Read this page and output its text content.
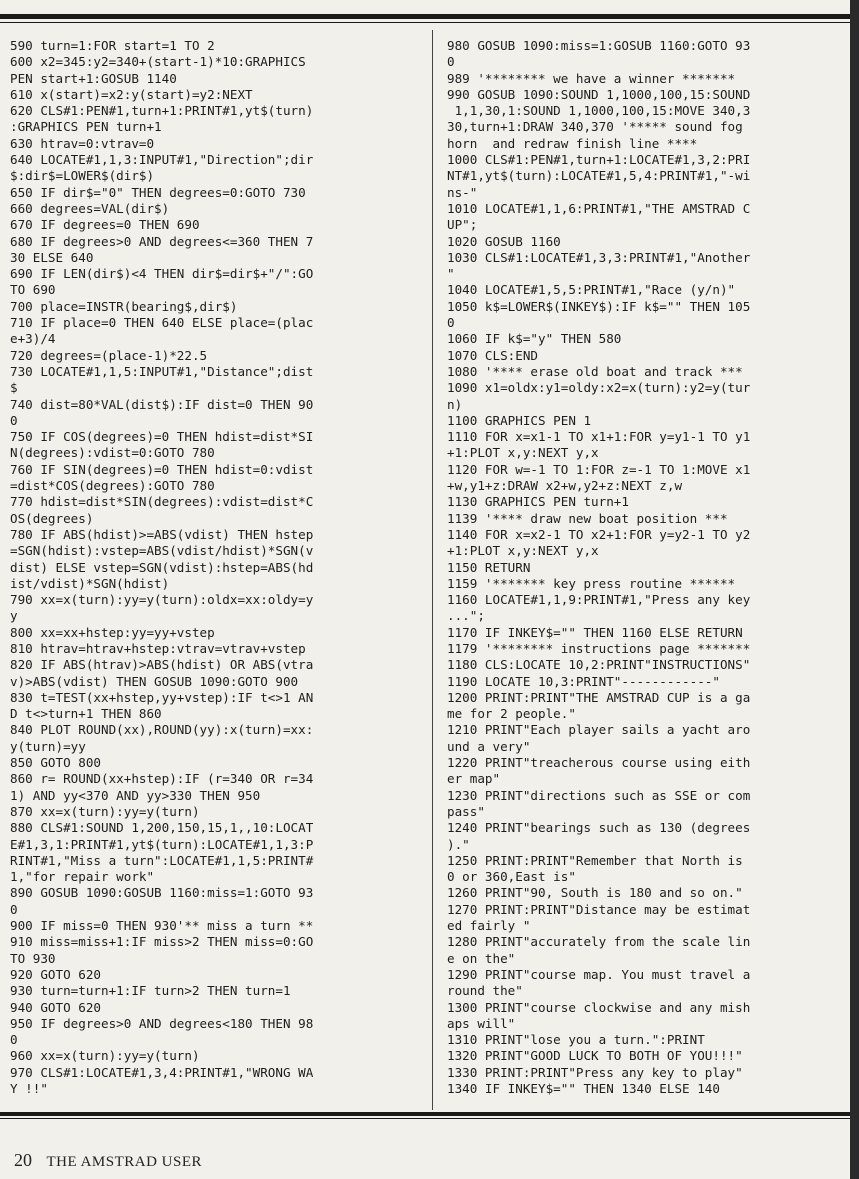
590 turn=1:FOR start=1 TO 2
600 x2=345:y2=340+(start-1)*10:GRAPHICS
PEN start+1:GOSUB 1140
610 x(start)=x2:y(start)=y2:NEXT
620 CLS#1:PEN#1,turn+1:PRINT#1,yt$(turn)
:GRAPHICS PEN turn+1
630 htrav=0:vtrav=0
640 LOCATE#1,1,3:INPUT#1,"Direction";dir
$:dir$=LOWER$(dir$)
650 IF dir$="0" THEN degrees=0:GOTO 730
660 degrees=VAL(dir$)
670 IF degrees=0 THEN 690
680 IF degrees>0 AND degrees<=360 THEN 7
30 ELSE 640
690 IF LEN(dir$)<4 THEN dir$=dir$+"/":GO
TO 690
700 place=INSTR(bearing$,dir$)
710 IF place=0 THEN 640 ELSE place=(plac
e+3)/4
720 degrees=(place-1)*22.5
730 LOCATE#1,1,5:INPUT#1,"Distance";dist
$
740 dist=80*VAL(dist$):IF dist=0 THEN 90
0
750 IF COS(degrees)=0 THEN hdist=dist*SI
N(degrees):vdist=0:GOTO 780
760 IF SIN(degrees)=0 THEN hdist=0:vdist
=dist*COS(degrees):GOTO 780
770 hdist=dist*SIN(degrees):vdist=dist*C
OS(degrees)
780 IF ABS(hdist)>=ABS(vdist) THEN hstep
=SGN(hdist):vstep=ABS(vdist/hdist)*SGN(v
dist) ELSE vstep=SGN(vdist):hstep=ABS(hd
ist/vdist)*SGN(hdist)
790 xx=x(turn):yy=y(turn):oldx=xx:oldy=y
y
800 xx=xx+hstep:yy=yy+vstep
810 htrav=htrav+hstep:vtrav=vtrav+vstep
820 IF ABS(htrav)>ABS(hdist) OR ABS(vtra
v)>ABS(vdist) THEN GOSUB 1090:GOTO 900
830 t=TEST(xx+hstep,yy+vstep):IF t<>1 AN
D t<>turn+1 THEN 860
840 PLOT ROUND(xx),ROUND(yy):x(turn)=xx:
y(turn)=yy
850 GOTO 800
860 r= ROUND(xx+hstep):IF (r=340 OR r=34
1) AND yy<370 AND yy>330 THEN 950
870 xx=x(turn):yy=y(turn)
880 CLS#1:SOUND 1,200,150,15,1,,10:LOCAT
E#1,3,1:PRINT#1,yt$(turn):LOCATE#1,1,3:P
RINT#1,"Miss a turn":LOCATE#1,1,5:PRINT#
1,"for repair work"
890 GOSUB 1090:GOSUB 1160:miss=1:GOTO 93
0
900 IF miss=0 THEN 930'** miss a turn **
910 miss=miss+1:IF miss>2 THEN miss=0:GO
TO 930
920 GOTO 620
930 turn=turn+1:IF turn>2 THEN turn=1
940 GOTO 620
950 IF degrees>0 AND degrees<180 THEN 98
0
960 xx=x(turn):yy=y(turn)
970 CLS#1:LOCATE#1,3,4:PRINT#1,"WRONG WA
Y !!"
980 GOSUB 1090:miss=1:GOSUB 1160:GOTO 93
0
989 '******** we have a winner *******
990 GOSUB 1090:SOUND 1,1000,100,15:SOUND
1,1,30,1:SOUND 1,1000,100,15:MOVE 340,3
30,turn+1:DRAW 340,370 '***** sound fog
horn  and redraw finish line ****
1000 CLS#1:PEN#1,turn+1:LOCATE#1,3,2:PRI
NT#1,yt$(turn):LOCATE#1,5,4:PRINT#1,"-wi
ns-"
1010 LOCATE#1,1,6:PRINT#1,"THE AMSTRAD C
UP";
1020 GOSUB 1160
1030 CLS#1:LOCATE#1,3,3:PRINT#1,"Another
"
1040 LOCATE#1,5,5:PRINT#1,"Race (y/n)"
1050 k$=LOWER$(INKEY$):IF k$="" THEN 105
0
1060 IF k$="y" THEN 580
1070 CLS:END
1080 '**** erase old boat and track ***
1090 x1=oldx:y1=oldy:x2=x(turn):y2=y(tur
n)
1100 GRAPHICS PEN 1
1110 FOR x=x1-1 TO x1+1:FOR y=y1-1 TO y1
+1:PLOT x,y:NEXT y,x
1120 FOR w=-1 TO 1:FOR z=-1 TO 1:MOVE x1
+w,y1+z:DRAW x2+w,y2+z:NEXT z,w
1130 GRAPHICS PEN turn+1
1139 '**** draw new boat position ***
1140 FOR x=x2-1 TO x2+1:FOR y=y2-1 TO y2
+1:PLOT x,y:NEXT y,x
1150 RETURN
1159 '******* key press routine ******
1160 LOCATE#1,1,9:PRINT#1,"Press any key
...";
1170 IF INKEY$="" THEN 1160 ELSE RETURN
1179 '******** instructions page *******
1180 CLS:LOCATE 10,2:PRINT"INSTRUCTIONS"
1190 LOCATE 10,3:PRINT"------------"
1200 PRINT:PRINT"THE AMSTRAD CUP is a ga
me for 2 people."
1210 PRINT"Each player sails a yacht aro
und a very"
1220 PRINT"treacherous course using eith
er map"
1230 PRINT"directions such as SSE or com
pass"
1240 PRINT"bearings such as 130 (degrees
)."
1250 PRINT:PRINT"Remember that North is
0 or 360,East is"
1260 PRINT"90, South is 180 and so on."
1270 PRINT:PRINT"Distance may be estimat
ed fairly "
1280 PRINT"accurately from the scale lin
e on the"
1290 PRINT"course map. You must travel a
round the"
1300 PRINT"course clockwise and any mish
aps will"
1310 PRINT"lose you a turn.":PRINT
1320 PRINT"GOOD LUCK TO BOTH OF YOU!!!"
1330 PRINT:PRINT"Press any key to play"
1340 IF INKEY$="" THEN 1340 ELSE 140
20 THE AMSTRAD USER
